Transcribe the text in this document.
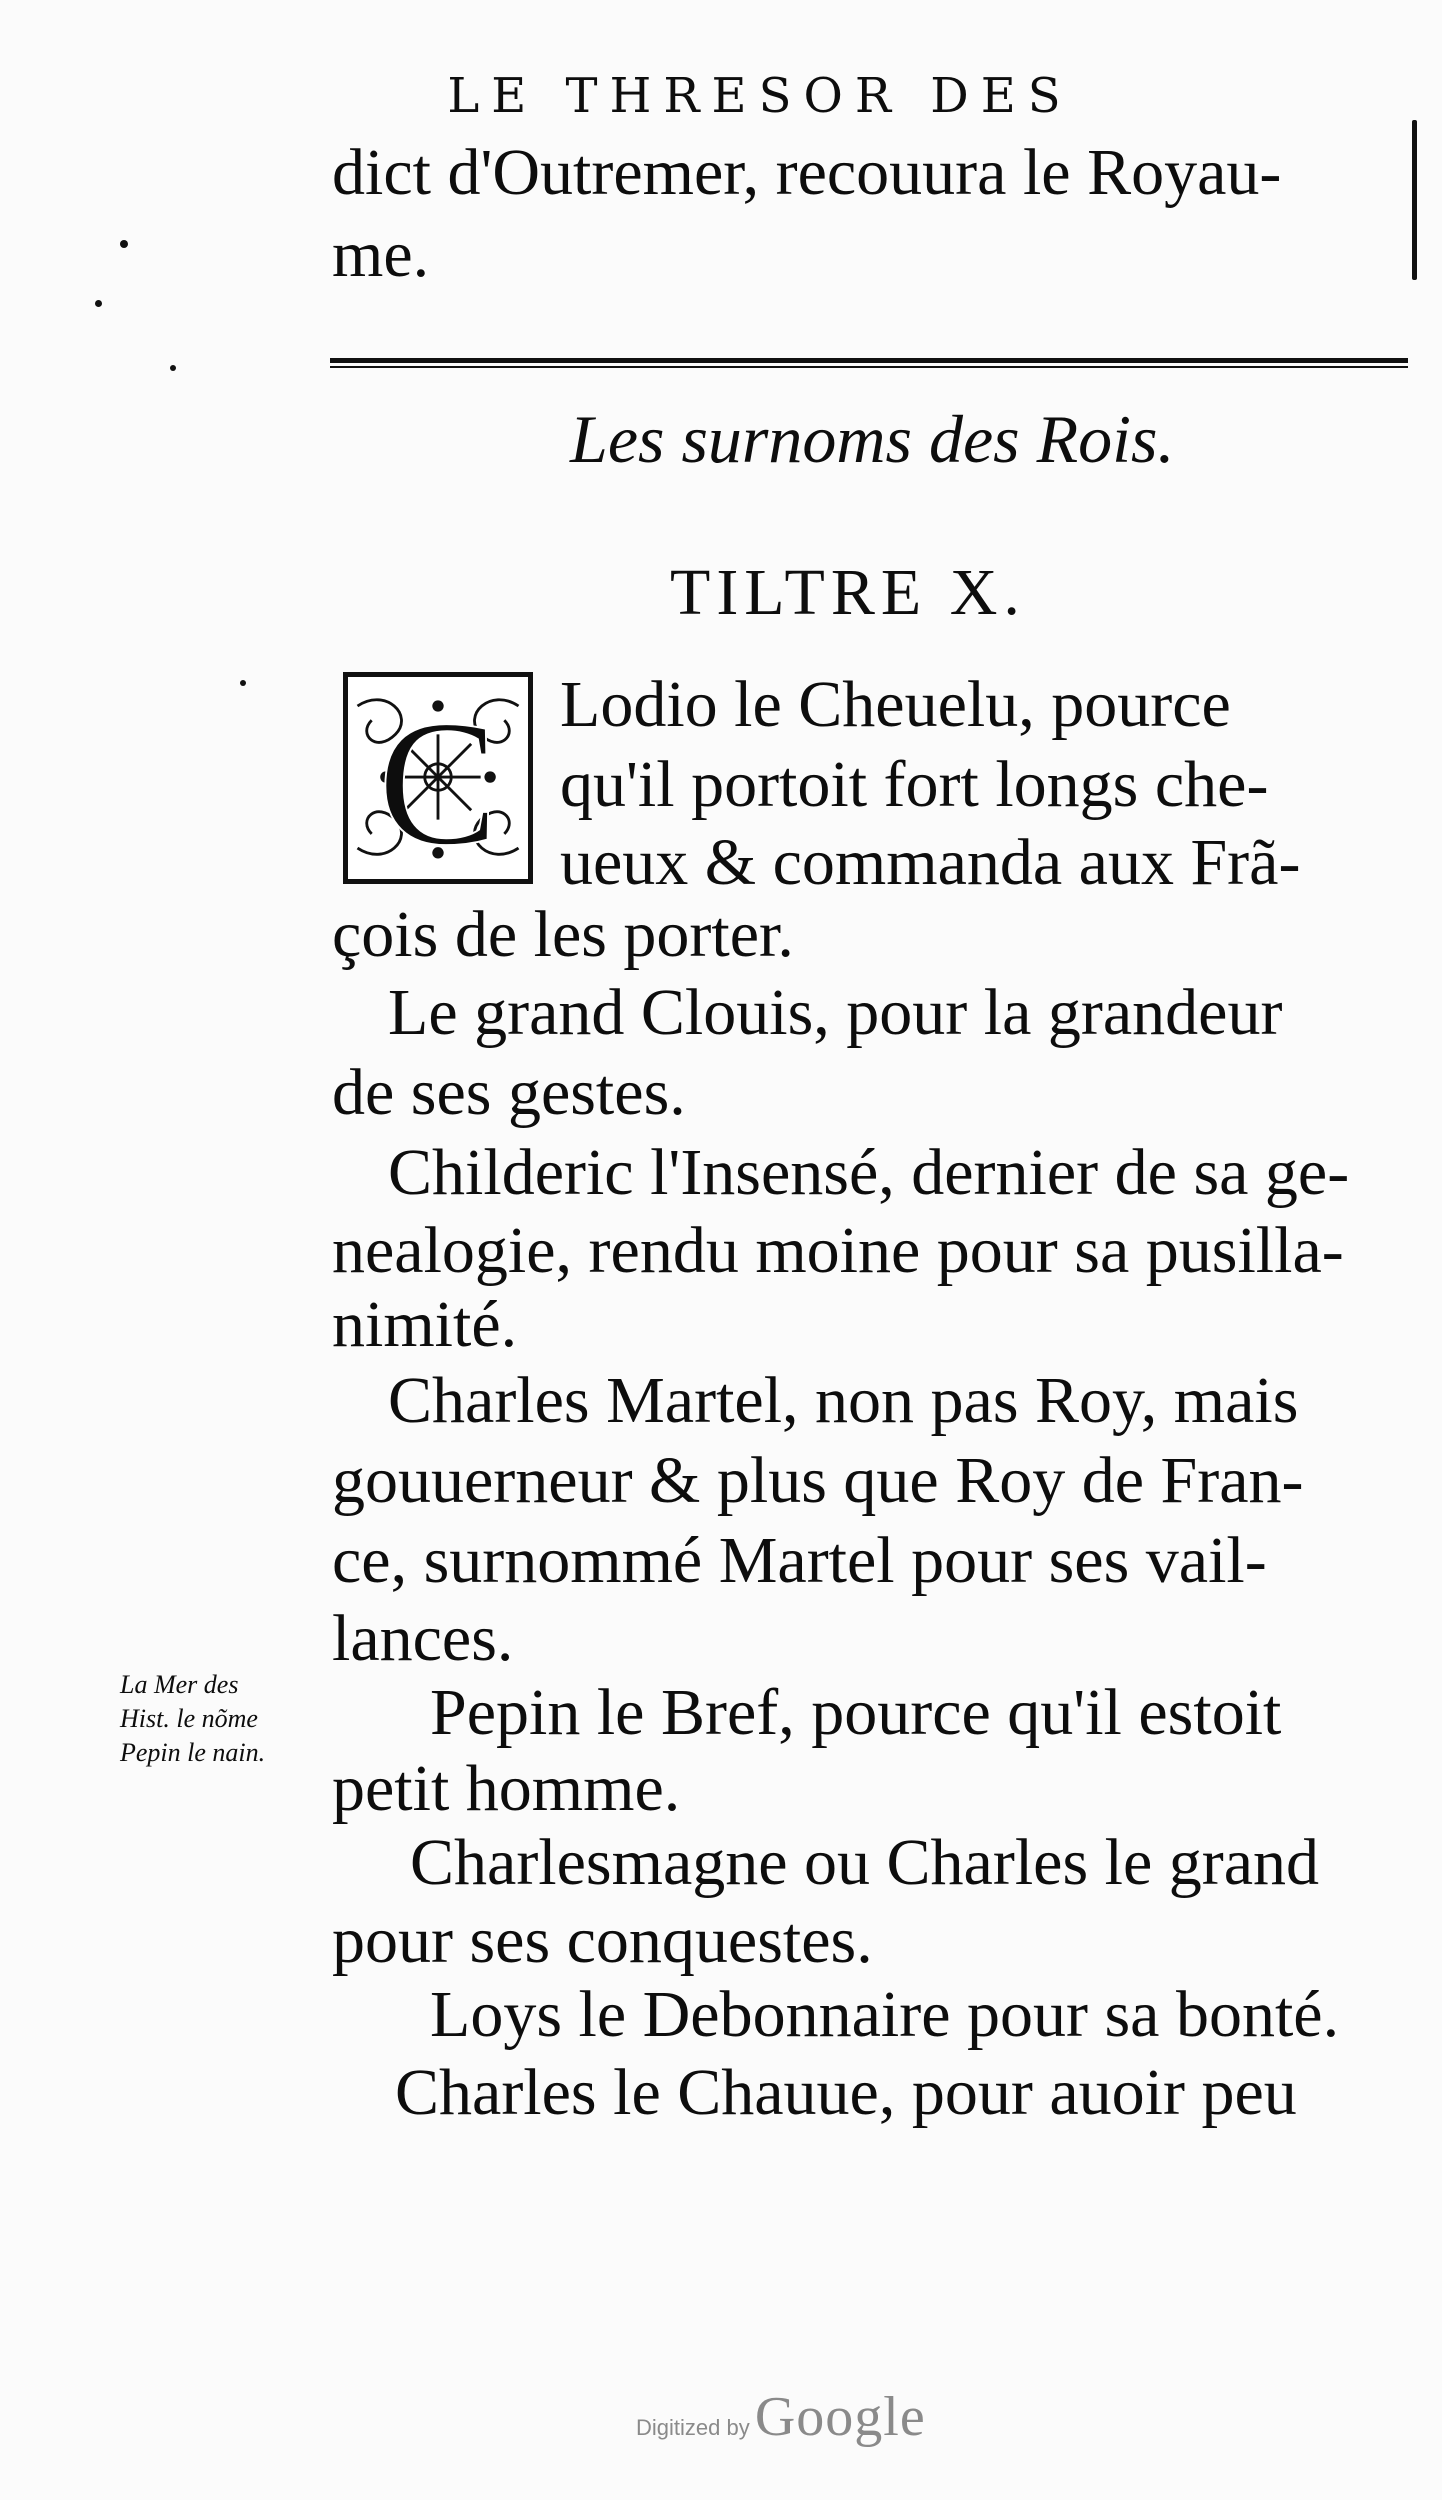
LE THRESOR DES
dict d'Outremer, recouura le Royau-
me.
Les surnoms des Rois.
TILTRE X.
C Lodio le Cheuelu, pource
qu'il portoit fort longs che-
ueux & commanda aux Frã-
çois de les porter.
Le grand Clouis, pour la grandeur
de ses gestes.
Childeric l'Insensé, dernier de sa ge-
nealogie, rendu moine pour sa pusilla-
nimité.
Charles Martel, non pas Roy, mais
gouuerneur & plus que Roy de Fran-
ce, surnommé Martel pour ses vail-
lances.
Pepin le Bref, pource qu'il estoit
petit homme.
Charlesmagne ou Charles le grand
pour ses conquestes.
Loys le Debonnaire pour sa bonté.
Charles le Chauue, pour auoir peu
La Mer des
Hist. le nõme
Pepin le nain.
Digitized by Google
